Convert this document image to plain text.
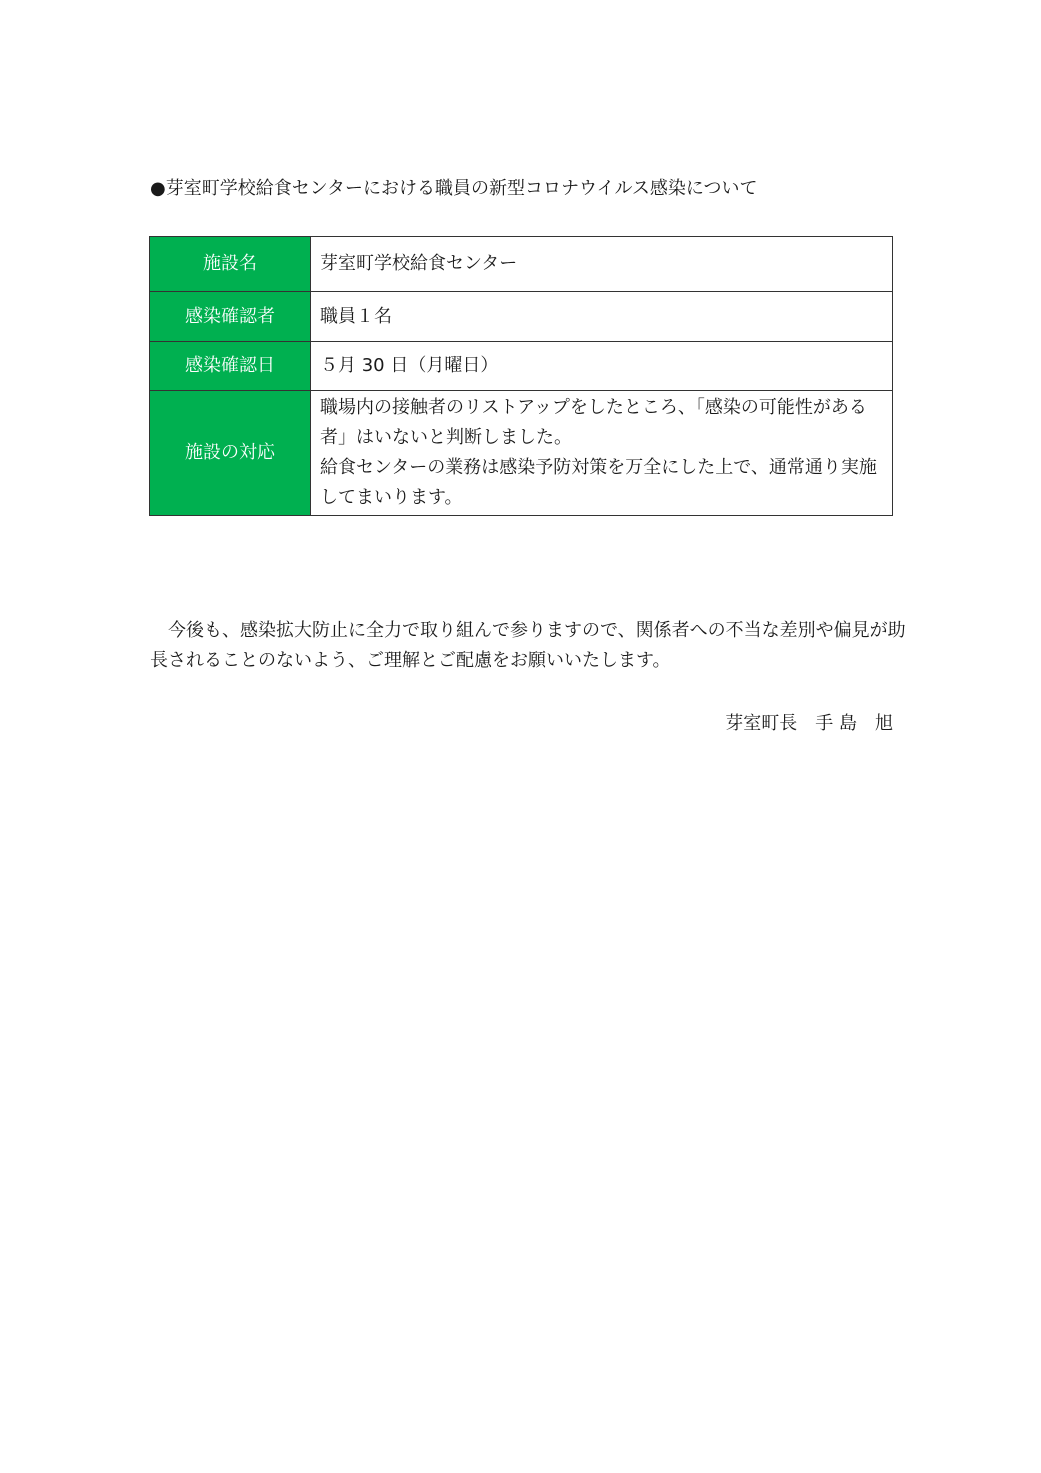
●芽室町学校給食センターにおける職員の新型コロナウイルス感染について
施設名	芽室町学校給食センター
感染確認者	職員１名
感染確認日	５月 30 日（月曜日）
施設の対応	職場内の接触者のリストアップをしたところ、「感染の可能性がある
者」はいないと判断しました。
給食センターの業務は感染予防対策を万全にした上で、通常通り実施
してまいります。
今後も、感染拡大防止に全力で取り組んで参りますので、関係者への不当な差別や偏見が助
長されることのないよう、ご理解とご配慮をお願いいたします。
芽室町長　手 島　旭
